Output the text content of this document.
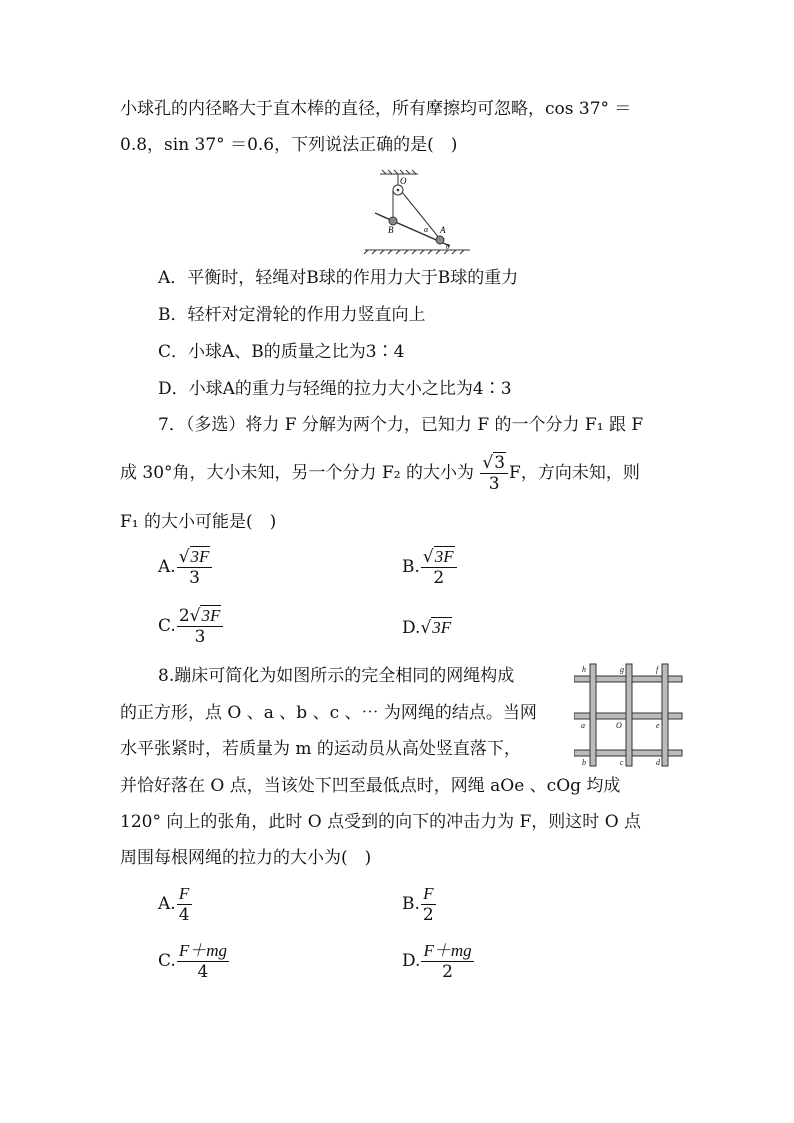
小球孔的内径略大于直木棒的直径，所有摩擦均可忽略，cos 37° ＝
0.8，sin 37° ＝0.6，下列说法正确的是(　)
O
B	A
α
θ
A．平衡时，轻绳对B球的作用力大于B球的重力
B．轻杆对定滑轮的作用力竖直向上
C．小球A、B的质量之比为3∶4
D．小球A的重力与轻绳的拉力大小之比为4∶3
7．（多选）将力 F 分解为两个力，已知力 F 的一个分力 F₁ 跟 F
成 30°角，大小未知，另一个分力 F₂ 的大小为 $\frac{√3}{3}$ F，方向未知，则
F₁ 的大小可能是(　)
A. $\frac{√3F}{3}$	B. $\frac{√3F}{2}$
C. $\frac{2√3F}{3}$	D.√3F
8.蹦床可简化为如图所示的完全相同的网绳构成
的正方形，点 O 、a 、b 、c 、⋯ 为网绳的结点。当网
水平张紧时，若质量为 m 的运动员从高处竖直落下，
并恰好落在 O 点，当该处下凹至最低点时，网绳 aOe 、cOg 均成
120° 向上的张角，此时 O 点受到的向下的冲击力为 F，则这时 O 点
周围每根网绳的拉力的大小为(　)
h	g	f
a	O	e
b	c	d
A. $\frac{F}{4}$	B. $\frac{F}{2}$
C. $\frac{F+mg}{4}$	D. $\frac{F+mg}{2}$
